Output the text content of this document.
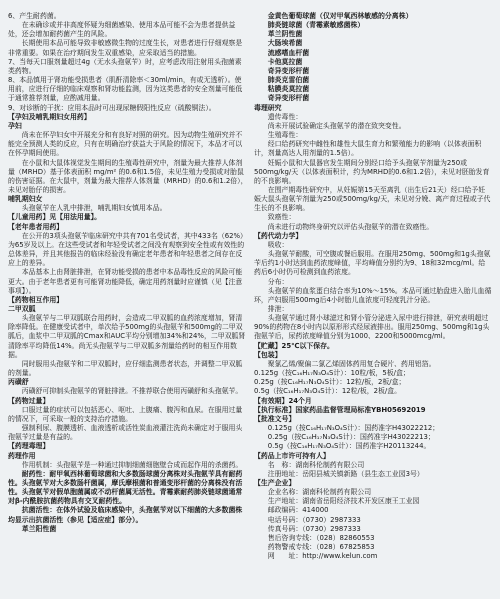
6、产生耐药菌。

　　在未确诊或并非高度怀疑为细菌感染、使用本品可能不会为患者提供益处，还会增加耐药菌产生的风险。

　　长期使用本品可能导致非敏感微生物的过度生长，对患者进行仔细观察是非常重要。如果在治疗期间发生双重感染，应采取适当的措施。

7、当每天口服剂量超过4g（无水头孢氨苄）时，应考虑改用注射用头孢菌素类药物。

8、本品慎用于肾功能受损患者（肌酐清除率＜30ml/min，有或无透析）。使用前，应进行仔细的临床观察和肾功能监测，因为这类患者的安全剂量可能低于通常推荐剂量，应酌减用量。

9、对诊断的干扰：应用本品时可出现尿糖假阳性反应（硫酸铜法）。

【孕妇及哺乳期妇女用药】

孕妇

　　尚未在怀孕妇女中开展充分和有良好对照的研究。因为动物生殖研究并不能完全预测人类的反应，只有在明确治疗获益大于风险的情况下，本品才可以在怀孕期间使用。

　　在小鼠和大鼠体视觉发生期间的生殖毒性研究中，剂量为最大推荐人体剂量（MRHD）基于体表面积 mg/m² 的0.6和1.5倍，未见生殖力受损或对胎鼠的伤害证据。在大鼠中，剂量为最大推荐人体剂量（MRHD）的0.6和1.2倍），未见对胎仔的损害。

哺乳期妇女

　　头孢氨苄在人乳中排泄，哺乳期妇女慎用本品。

【儿童用药】见【用法用量】。

【老年患者用药】

　　在公开的3项头孢氨苄临床研究中共有701名受试者，其中433名（62%）为65岁及以上。在这些受试者和年轻受试者之间没有观察到安全性或有效性的总体差异，并且其他报告的临床经验没有确定老年患者和年轻患者之间存在反应上的差异。

　　本品基本上由肾脏排泄，在肾功能受损的患者中本品毒性反应的风险可能更大。由于老年患者更有可能肾功能降低，确定用药剂量时应谨慎（见【注意事项】）。

【药物相互作用】

二甲双胍

　　头孢氨苄与二甲双胍联合用药时，会造成二甲双胍的血药浓度增加，肾清除率降低。在健康受试者中，单次给予500mg的头孢氨苄和500mg的二甲双胍后，血浆中二甲双胍的Cmax和AUC平均分别增加34%和24%，二甲双胍肾清除率平均降低14%。尚无头孢氨苄与二甲双胍多剂量给药时的相互作用数据。

　　同时服用头孢氨苄和二甲双胍时，应仔细监测患者状态，并调整二甲双胍的剂量。

丙磺舒

　　丙磺舒可抑制头孢氨苄的肾脏排泄。不推荐联合使用丙磺舒和头孢氨苄。

【药物过量】

　　口服过量的症状可以包括恶心、呕吐、上腹痛、腹泻和血尿。在服用过量的情况下，可采取一般的支持治疗措施。

　　强制利尿、腹膜透析、血液透析或活性炭血液灌注洗尚未确定对于服用头孢氨苄过量是有益的。

【药理毒理】

药理作用

　　作用机制：头孢氨苄是一种通过抑制细菌细胞壁合成而起作用的杀菌药。

　　耐药性：耐甲氧西林葡萄球菌和大多数肠球菌分离株对头孢氨苄具有耐药性。头孢氨苄对大多数肠杆菌属，摩氏摩根菌和普通变形杆菌的分离株没有活性。头孢氨苄对假单胞菌属或不动杆菌属无活性。青霉素耐药肺炎链球菌通常对β-内酰胺抗菌药物具有交叉耐药性。

　　抗菌活性：在体外试验及临床感染中，头孢氨苄对以下细菌的大多数菌株均显示出抗菌活性（参见【适应症】部分）。

　　革兰阳性菌

　　金黄色葡萄球菌（仅对甲氧西林敏感的分离株）

　　肺炎链球菌（青霉素敏感菌株）

　　革兰阴性菌

　　大肠埃希菌

　　流感嗜血杆菌

　　卡他莫拉菌

　　奇异变形杆菌

　　肺炎克雷伯菌

　　粘膜炎莫拉菌

　　奇异变形杆菌

毒理研究

　　遗传毒性：

　　尚未开展试验确定头孢氨苄的潜在致突变性。

　　生殖毒性：

　　经口给药研究中雌性和雄性大鼠生育力和繁殖能力的影响（以体表面积计，剂量高达人用剂量的1.5倍）。

　　妊娠小鼠和大鼠器官发生期间分别经口给予头孢氨苄剂量为250或500mg/kg/天（以体表面积计，约为MRHD的0.6和1.2倍），未见对胚胎发育的不良影响。

　　在围产期毒性研究中，从妊娠第15天至离乳（出生后21天）经口给予妊娠大鼠头孢氨苄剂量为250或500mg/kg/天，未见对分娩、离产育过程或子代生长的不良影响。

　　致癌性：

　　尚未进行动物终身研究以评估头孢氨苄的潜在致癌性。

【药代动力学】

　　吸收：

　　头孢氨苄耐酸，可空腹或餐后服用。在服用250mg、500mg和1g头孢氨苄后约1小时达到血药浓度峰值，平均峰值分别约为9、18和32mcg/ml。给药后6小时仍可检测到血药浓度。

　　分布：

　　头孢氨苄的血浆蛋白结合率为10%～15%。本品可通过胎盘进入胎儿血循环，产妇服用500mg后4小时胎儿血浓度可轻度乳汁分泌。

　　排泄：

　　头孢氨苄通过肾小球滤过和肾小管分泌进入尿中进行排泄，研究表明超过90%的药物在8小时内以原形形式经尿液排出。服用250mg、500mg和1g头孢氨苄后，尿药浓度峰值分别为1000、2200和5000mcg/ml。

【贮藏】25℃以下保存。

【包装】

　　聚氯乙烯/聚偏二氯乙烯固体药用复合硬片、药用铝箔。

0.125g（按C₁₆H₁₇N₃O₄S计）：10粒/板，5板/盒；

0.25g（按C₁₆H₁₇N₃O₄S计）：12粒/板，2板/盒；

0.5g（按C₁₆H₁₇N₃O₄S计）：12粒/板，2板/盒。

【有效期】24个月

【执行标准】国家药品监督管理局标准YBH05692019

【批准文号】

　　0.125g（按C₁₆H₁₇N₃O₄S计）：国药准字H43022212；

　　0.25g（按C₁₆H₁₇N₃O₄S计）：国药准字H43022213；

　　0.5g（按C₁₆H₁₇N₃O₄S计）：国药准字H20113244。

【药品上市许可持有人】

　　名　称：湖南科伦制药有限公司

　　注册地址：岳阳县城关镇新路（县生态工业园3号）

【生产企业】

　　企业名称：湖南科伦制药有限公司

　　生产地址：湖南省岳阳经济技术开发区康王工业园

　　邮政编码：414000

　　电话号码：（0730）2987333

　　传真号码：（0730）2987333

　　售后咨询专线：（028）82860553

　　药物警戒专线：（028）67825853

　　网　　址：http://www.kelun.com
